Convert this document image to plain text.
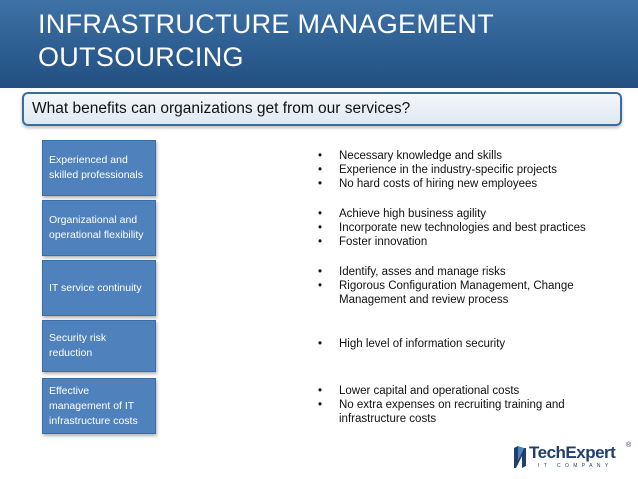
INFRASTRUCTURE MANAGEMENT
OUTSOURCING
What benefits can organizations get from our services?
Experienced and skilled professionals
Organizational and operational flexibility
IT service continuity
Security risk reduction
Effective management of IT infrastructure costs
•	Necessary knowledge and skills
•	Experience in the industry-specific projects
•	No hard costs of hiring new employees
•	Achieve high business agility
•	Incorporate new technologies and best practices
•	Foster innovation
•	Identify, asses and manage risks
•	Rigorous Configuration Management, Change Management and review process
•	High level of information security
•	Lower capital and operational costs
•	No extra expenses on recruiting training and infrastructure costs
TechExpert ®
IT COMPANY
